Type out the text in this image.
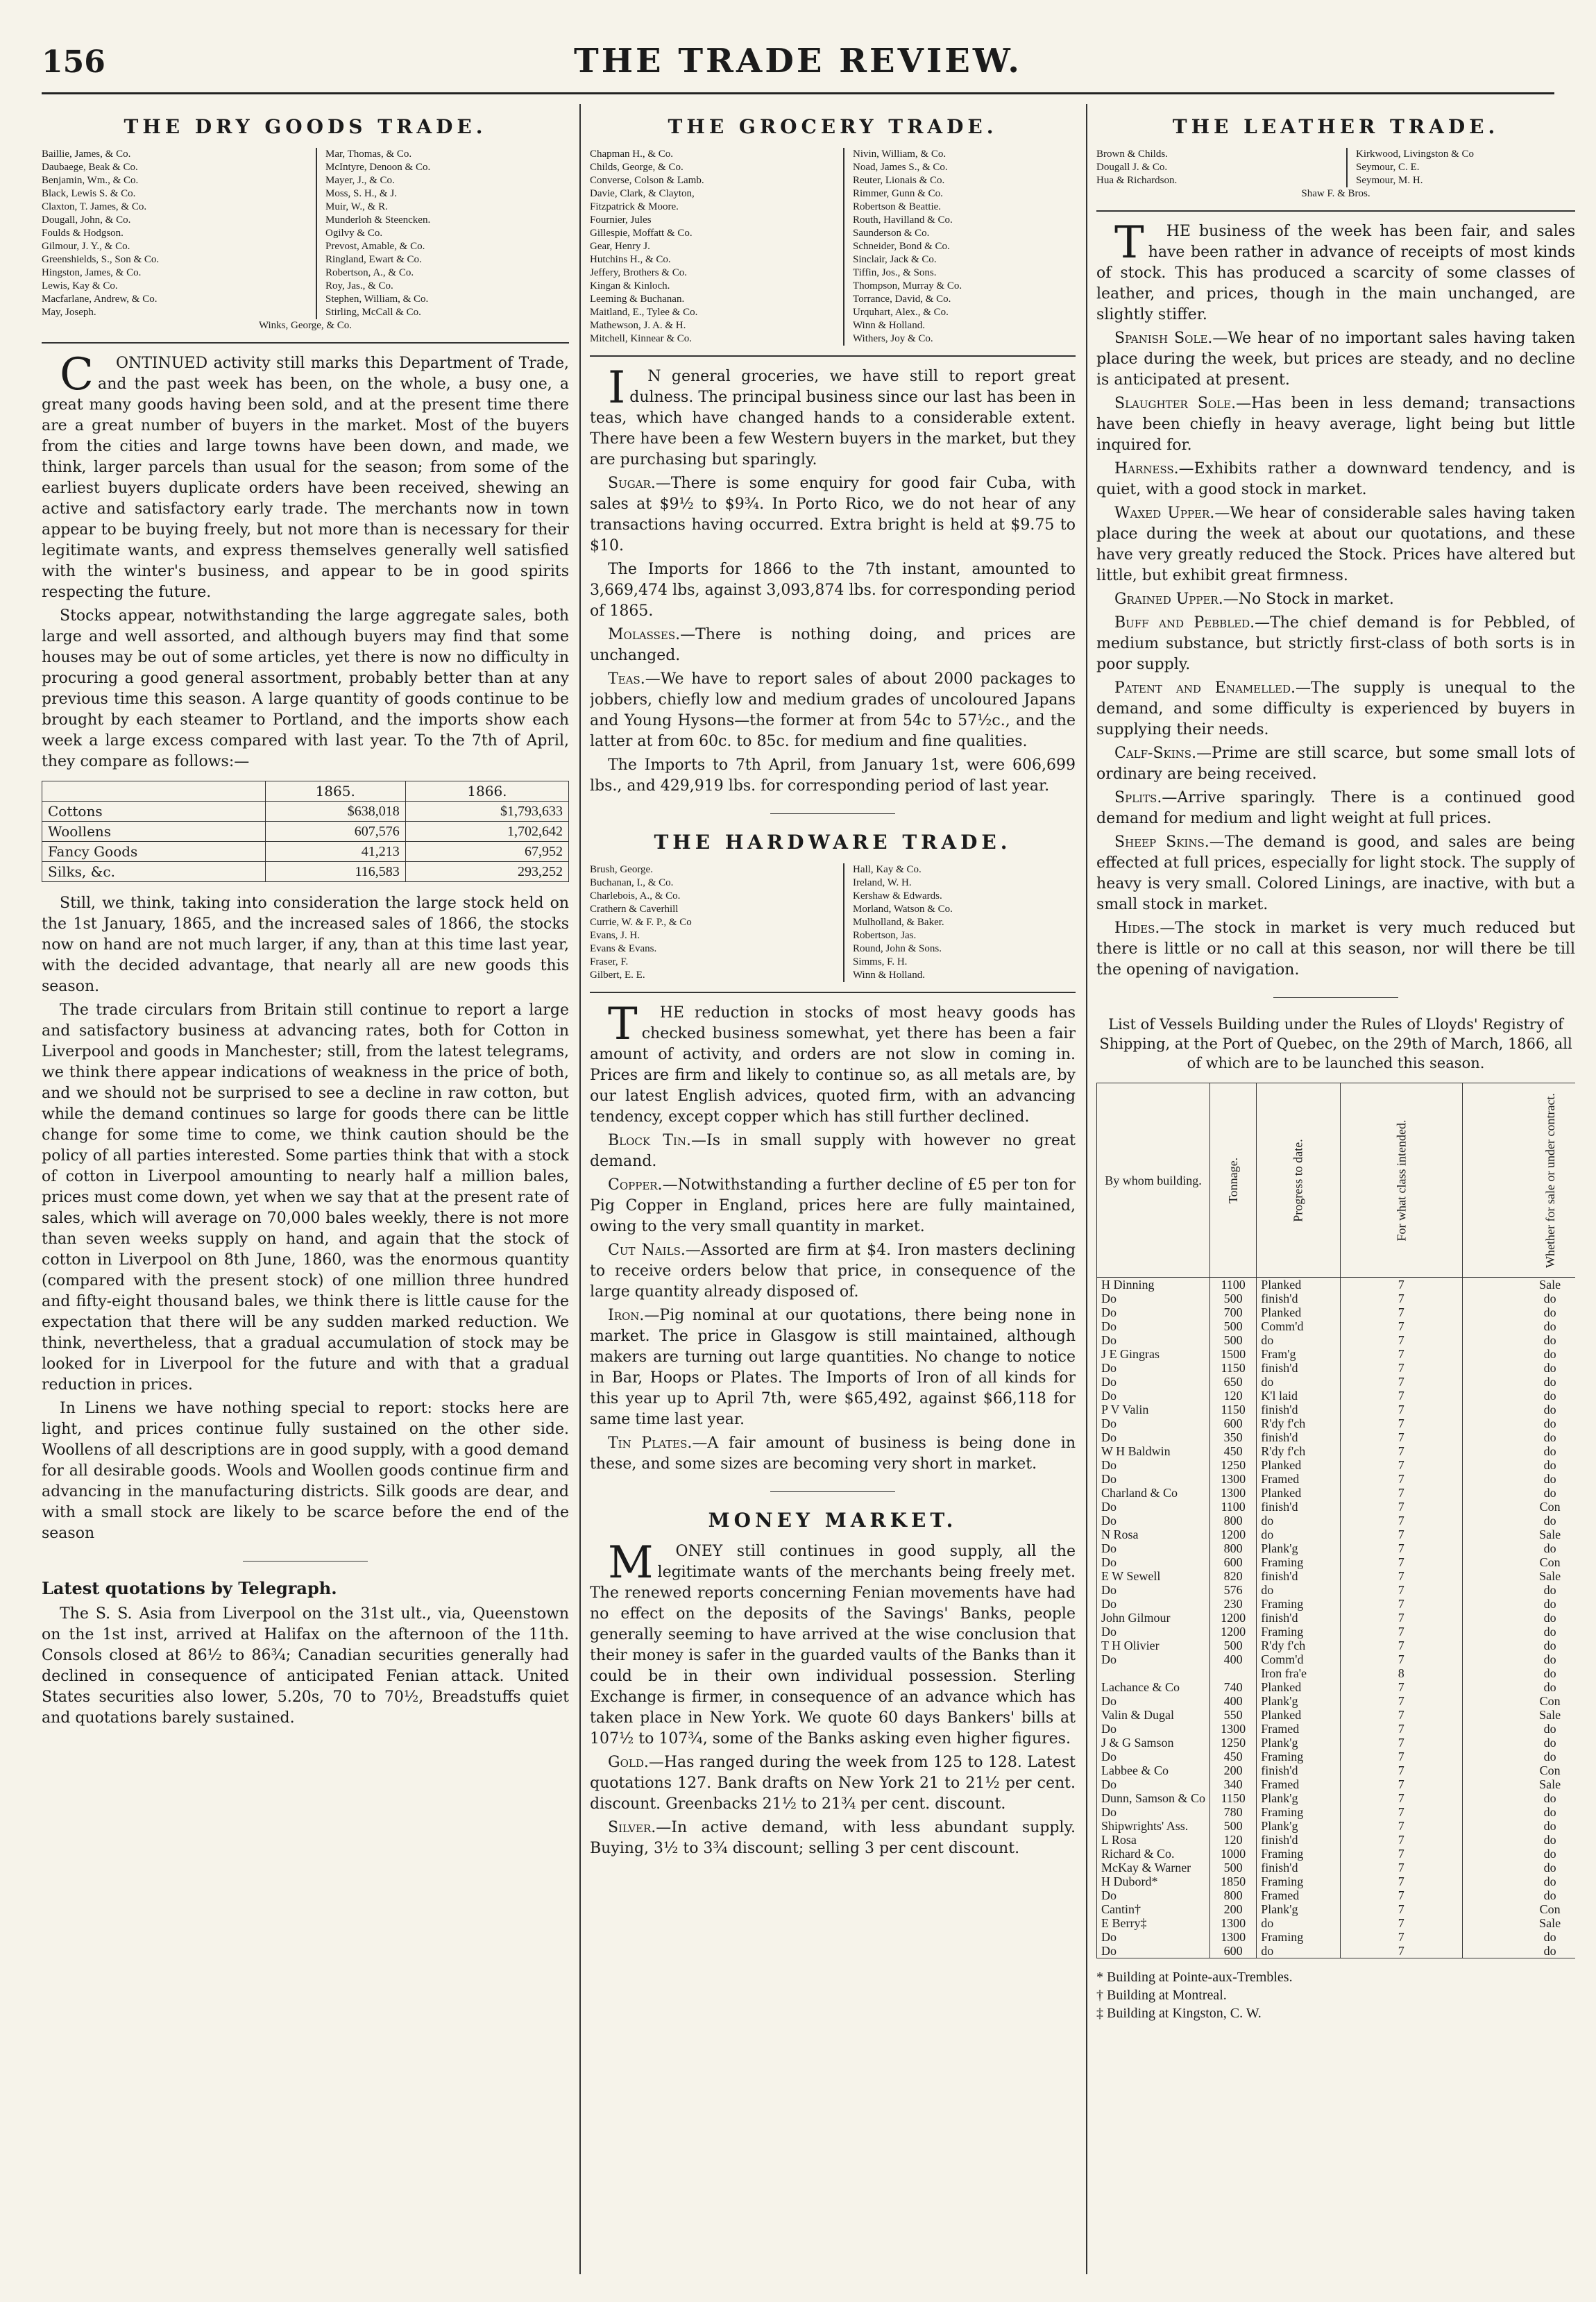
156	THE TRADE REVIEW.
THE DRY GOODS TRADE.
Baillie, James, & Co.
Daubaege, Beak & Co.
Benjamin, Wm., & Co.
Black, Lewis S. & Co.
Claxton, T. James, & Co.
Dougall, John, & Co.
Foulds & Hodgson.
Gilmour, J. Y., & Co.
Greenshields, S., Son & Co.
Hingston, James, & Co.
Lewis, Kay & Co.
Macfarlane, Andrew, & Co.
May, Joseph.
Mar, Thomas, & Co.
McIntyre, Denoon & Co.
Mayer, J., & Co.
Moss, S. H., & J.
Muir, W., & R.
Munderloh & Steencken.
Ogilvy & Co.
Prevost, Amable, & Co.
Ringland, Ewart & Co.
Robertson, A., & Co.
Roy, Jas., & Co.
Stephen, William, & Co.
Stirling, McCall & Co.
Winks, George, & Co.

CONTINUED activity still marks this Department of Trade, and the past week has been, on the whole, a busy one, a great many goods having been sold, and at the present time there are a great number of buyers in the market. Most of the buyers from the cities and large towns have been down, and made, we think, larger parcels than usual for the season; from some of the earliest buyers duplicate orders have been received, shewing an active and satisfactory early trade. The merchants now in town appear to be buying freely, but not more than is necessary for their legitimate wants, and express themselves generally well satisfied with the winter's business, and appear to be in good spirits respecting the future.

Stocks appear, notwithstanding the large aggregate sales, both large and well assorted, and although buyers may find that some houses may be out of some articles, yet there is now no difficulty in procuring a good general assortment, probably better than at any previous time this season. A large quantity of goods continue to be brought by each steamer to Portland, and the imports show each week a large excess compared with last year. To the 7th of April, they compare as follows:—

	1865.	1866.
Cottons	$638,018	$1,793,633
Woollens	607,576	1,702,642
Fancy Goods	41,213	67,952
Silks, &c.	116,583	293,252

Still, we think, taking into consideration the large stock held on the 1st January, 1865, and the increased sales of 1866, the stocks now on hand are not much larger, if any, than at this time last year, with the decided advantage, that nearly all are new goods this season.

The trade circulars from Britain still continue to report a large and satisfactory business at advancing rates, both for Cotton in Liverpool and goods in Manchester; still, from the latest telegrams, we think there appear indications of weakness in the price of both, and we should not be surprised to see a decline in raw cotton, but while the demand continues so large for goods there can be little change for some time to come, we think caution should be the policy of all parties interested. Some parties think that with a stock of cotton in Liverpool amounting to nearly half a million bales, prices must come down, yet when we say that at the present rate of sales, which will average on 70,000 bales weekly, there is not more than seven weeks supply on hand, and again that the stock of cotton in Liverpool on 8th June, 1860, was the enormous quantity (compared with the present stock) of one million three hundred and fifty-eight thousand bales, we think there is little cause for the expectation that there will be any sudden marked reduction. We think, nevertheless, that a gradual accumulation of stock may be looked for in Liverpool for the future and with that a gradual reduction in prices.

In Linens we have nothing special to report: stocks here are light, and prices continue fully sustained on the other side. Woollens of all descriptions are in good supply, with a good demand for all desirable goods. Wools and Woollen goods continue firm and advancing in the manufacturing districts. Silk goods are dear, and with a small stock are likely to be scarce before the end of the season

Latest quotations by Telegraph.

The S. S. Asia from Liverpool on the 31st ult., via, Queenstown on the 1st inst, arrived at Halifax on the afternoon of the 11th. Consols closed at 86½ to 86¾; Canadian securities generally had declined in consequence of anticipated Fenian attack. United States securities also lower, 5.20s, 70 to 70½, Breadstuffs quiet and quotations barely sustained.

THE GROCERY TRADE.
Chapman H., & Co.
Childs, George, & Co.
Converse, Colson & Lamb.
Davie, Clark, & Clayton,
Fitzpatrick & Moore.
Fournier, Jules
Gillespie, Moffatt & Co.
Gear, Henry J.
Hutchins H., & Co.
Jeffery, Brothers & Co.
Kingan & Kinloch.
Leeming & Buchanan.
Maitland, E., Tylee & Co.
Mathewson, J. A. & H.
Mitchell, Kinnear & Co.
Nivin, William, & Co.
Noad, James S., & Co.
Reuter, Lionais & Co.
Rimmer, Gunn & Co.
Robertson & Beattie.
Routh, Havilland & Co.
Saunderson & Co.
Schneider, Bond & Co.
Sinclair, Jack & Co.
Tiffin, Jos., & Sons.
Thompson, Murray & Co.
Torrance, David, & Co.
Urquhart, Alex., & Co.
Winn & Holland.
Withers, Joy & Co.

IN general groceries, we have still to report great dulness. The principal business since our last has been in teas, which have changed hands to a considerable extent. There have been a few Western buyers in the market, but they are purchasing but sparingly.

Sugar.—There is some enquiry for good fair Cuba, with sales at $9½ to $9¾. In Porto Rico, we do not hear of any transactions having occurred. Extra bright is held at $9.75 to $10.

The Imports for 1866 to the 7th instant, amounted to 3,669,474 lbs, against 3,093,874 lbs. for corresponding period of 1865.

Molasses.—There is nothing doing, and prices are unchanged.

Teas.—We have to report sales of about 2000 packages to jobbers, chiefly low and medium grades of uncoloured Japans and Young Hysons—the former at from 54c to 57½c., and the latter at from 60c. to 85c. for medium and fine qualities.

The Imports to 7th April, from January 1st, were 606,699 lbs., and 429,919 lbs. for corresponding period of last year.

THE HARDWARE TRADE.
Brush, George.
Buchanan, I., & Co.
Charlebois, A., & Co.
Crathern & Caverhill
Currie, W. & F. P., & Co
Evans, J. H.
Evans & Evans.
Fraser, F.
Gilbert, E. E.
Hall, Kay & Co.
Ireland, W. H.
Kershaw & Edwards.
Morland, Watson & Co.
Mulholland, & Baker.
Robertson, Jas.
Round, John & Sons.
Simms, F. H.
Winn & Holland.

THE reduction in stocks of most heavy goods has checked business somewhat, yet there has been a fair amount of activity, and orders are not slow in coming in. Prices are firm and likely to continue so, as all metals are, by our latest English advices, quoted firm, with an advancing tendency, except copper which has still further declined.

Block Tin.—Is in small supply with however no great demand.

Copper.—Notwithstanding a further decline of £5 per ton for Pig Copper in England, prices here are fully maintained, owing to the very small quantity in market.

Cut Nails.—Assorted are firm at $4. Iron masters declining to receive orders below that price, in consequence of the large quantity already disposed of.

Iron.—Pig nominal at our quotations, there being none in market. The price in Glasgow is still maintained, although makers are turning out large quantities. No change to notice in Bar, Hoops or Plates. The Imports of Iron of all kinds for this year up to April 7th, were $65,492, against $66,118 for same time last year.

Tin Plates.—A fair amount of business is being done in these, and some sizes are becoming very short in market.

MONEY MARKET.

MONEY still continues in good supply, all the legitimate wants of the merchants being freely met. The renewed reports concerning Fenian movements have had no effect on the deposits of the Savings' Banks, people generally seeming to have arrived at the wise conclusion that their money is safer in the guarded vaults of the Banks than it could be in their own individual possession. Sterling Exchange is firmer, in consequence of an advance which has taken place in New York. We quote 60 days Bankers' bills at 107½ to 107¾, some of the Banks asking even higher figures.

Gold.—Has ranged during the week from 125 to 128. Latest quotations 127. Bank drafts on New York 21 to 21½ per cent. discount. Greenbacks 21½ to 21¾ per cent. discount.

Silver.—In active demand, with less abundant supply. Buying, 3½ to 3¾ discount; selling 3 per cent discount.

THE LEATHER TRADE.
Brown & Childs.
Dougall J. & Co.
Hua & Richardson.
Kirkwood, Livingston & Co
Seymour, C. E.
Seymour, M. H.
Shaw F. & Bros.

THE business of the week has been fair, and sales have been rather in advance of receipts of most kinds of stock. This has produced a scarcity of some classes of leather, and prices, though in the main unchanged, are slightly stiffer.

Spanish Sole.—We hear of no important sales having taken place during the week, but prices are steady, and no decline is anticipated at present.

Slaughter Sole.—Has been in less demand; transactions have been chiefly in heavy average, light being but little inquired for.

Harness.—Exhibits rather a downward tendency, and is quiet, with a good stock in market.

Waxed Upper.—We hear of considerable sales having taken place during the week at about our quotations, and these have very greatly reduced the Stock. Prices have altered but little, but exhibit great firmness.

Grained Upper.—No Stock in market.

Buff and Pebbled.—The chief demand is for Pebbled, of medium substance, but strictly first-class of both sorts is in poor supply.

Patent and Enamelled.—The supply is unequal to the demand, and some difficulty is experienced by buyers in supplying their needs.

Calf-Skins.—Prime are still scarce, but some small lots of ordinary are being received.

Splits.—Arrive sparingly. There is a continued good demand for medium and light weight at full prices.

Sheep Skins.—The demand is good, and sales are being effected at full prices, especially for light stock. The supply of heavy is very small. Colored Linings, are inactive, with but a small stock in market.

Hides.—The stock in market is very much reduced but there is little or no call at this season, nor will there be till the opening of navigation.

List of Vessels Building under the Rules of Lloyds' Registry of Shipping, at the Port of Quebec, on the 29th of March, 1866, all of which are to be launched this season.

By whom building.	Tonnage.	Progress to date.	For what class intended.	Whether for sale or under contract.
H Dinning	1100	Planked	7	Sale
Do	500	finish'd	7	do
Do	700	Planked	7	do
Do	500	Comm'd	7	do
Do	500	do	7	do
J E Gingras	1500	Fram'g	7	do
Do	1150	finish'd	7	do
Do	650	do	7	do
Do	120	K'l laid	7	do
P V Valin	1150	finish'd	7	do
Do	600	R'dy f'ch	7	do
Do	350	finish'd	7	do
W H Baldwin	450	R'dy f'ch	7	do
Do	1250	Planked	7	do
Do	1300	Framed	7	do
Charland & Co	1300	Planked	7	do
Do	1100	finish'd	7	Con
Do	800	do	7	do
N Rosa	1200	do	7	Sale
Do	800	Plank'g	7	do
Do	600	Framing	7	Con
E W Sewell	820	finish'd	7	Sale
Do	576	do	7	do
Do	230	Framing	7	do
John Gilmour	1200	finish'd	7	do
Do	1200	Framing	7	do
T H Olivier	500	R'dy f'ch	7	do
Do	400	Comm'd	7	do
		Iron fra'e	8	do
Lachance & Co	740	Planked	7	do
Do	400	Plank'g	7	Con
Valin & Dugal	550	Planked	7	Sale
Do	1300	Framed	7	do
J & G Samson	1250	Plank'g	7	do
Do	450	Framing	7	do
Labbee & Co	200	finish'd	7	Con
Do	340	Framed	7	Sale
Dunn, Samson & Co	1150	Plank'g	7	do
Do	780	Framing	7	do
Shipwrights' Ass.	500	Plank'g	7	do
L Rosa	120	finish'd	7	do
Richard & Co.	1000	Framing	7	do
McKay & Warner	500	finish'd	7	do
H Dubord*	1850	Framing	7	do
Do	800	Framed	7	do
Cantin†	200	Plank'g	7	Con
E Berry‡	1300	do	7	Sale
Do	1300	Framing	7	do
Do	600	do	7	do
* Building at Pointe-aux-Trembles.
† Building at Montreal.
‡ Building at Kingston, C. W.
